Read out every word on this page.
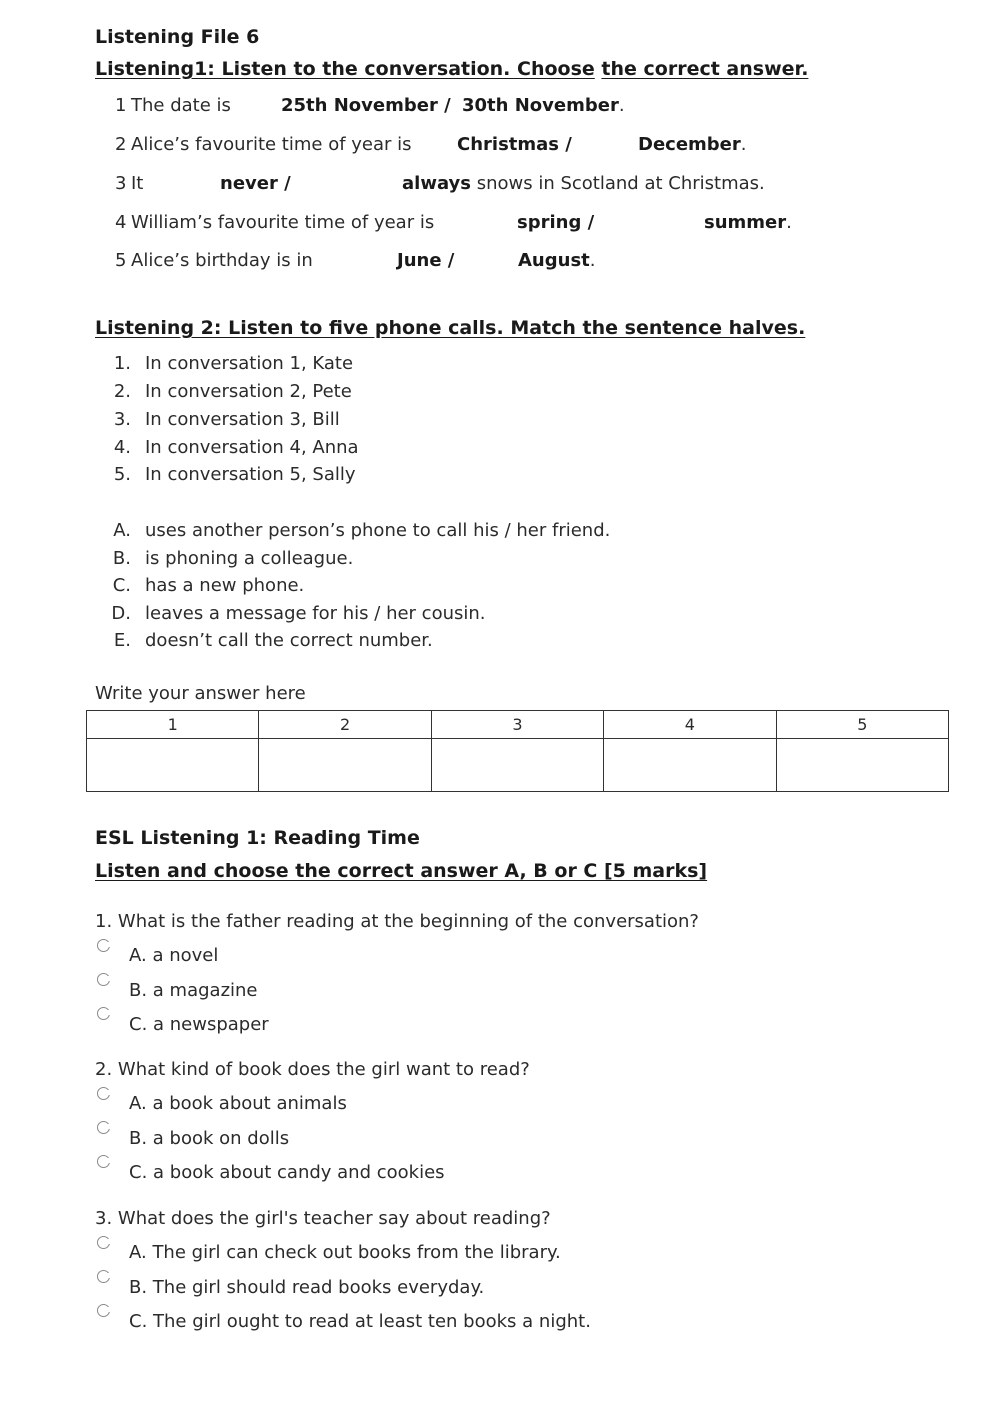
Listening File 6
Listening1: Listen to the conversation. Choose the correct answer.
1 The date is	25th November / 30th November.
2 Alice’s favourite time of year is	Christmas /	December.
3 It	never /	always snows in Scotland at Christmas.
4 William’s favourite time of year is	spring /	summer.
5 Alice’s birthday is in	June /	August.
Listening 2: Listen to five phone calls. Match the sentence halves.
1. In conversation 1, Kate
2. In conversation 2, Pete
3. In conversation 3, Bill
4. In conversation 4, Anna
5. In conversation 5, Sally
A. uses another person’s phone to call his / her friend.
B. is phoning a colleague.
C. has a new phone.
D. leaves a message for his / her cousin.
E. doesn’t call the correct number.
Write your answer here
1	2	3	4	5

ESL Listening 1: Reading Time
Listen and choose the correct answer A, B or C [5 marks]
1. What is the father reading at the beginning of the conversation?
A. a novel
B. a magazine
C. a newspaper
2. What kind of book does the girl want to read?
A. a book about animals
B. a book on dolls
C. a book about candy and cookies
3. What does the girl's teacher say about reading?
A. The girl can check out books from the library.
B. The girl should read books everyday.
C. The girl ought to read at least ten books a night.
